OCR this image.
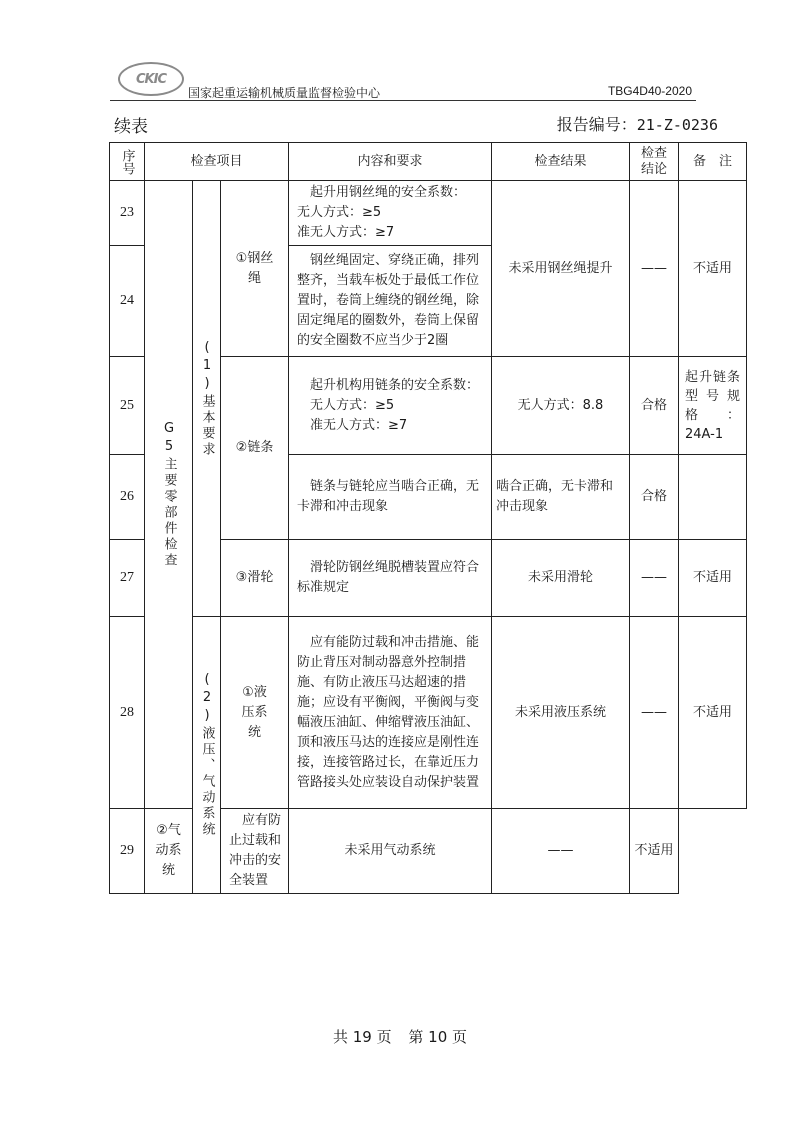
CKIC
国家起重运输机械质量监督检验中心	TBG4D40-2020
续表	报告编号：21-Z-0236
序号	检查项目			内容和要求	检查结果	检查结论	备　注
23	G5主要零部件检查	(1)基本要求	①钢丝绳	起升用钢丝绳的安全系数：
无人方式：≥5
准无人方式：≥7	未采用钢丝绳提升	——	不适用
24				钢丝绳固定、穿绕正确，排列整齐，当载车板处于最低工作位置时，卷筒上缠绕的钢丝绳，除固定绳尾的圈数外，卷筒上保留的安全圈数不应当少于2圈			

25			②链条	起升机构用链条的安全系数：
无人方式：≥5
准无人方式：≥7	无人方式：8.8	合格	起升链条型号规格：24A-1
26				链条与链轮应当啮合正确，无卡滞和冲击现象	啮合正确，无卡滞和冲击现象	合格	
27			③滑轮	滑轮防钢丝绳脱槽装置应符合标准规定	未采用滑轮	——	不适用
28		(2)液压、气动系统	①液压系统	应有能防过载和冲击措施、能防止背压对制动器意外控制措施、有防止液压马达超速的措施；应设有平衡阀，平衡阀与变幅液压油缸、伸缩臂液压油缸、顶和液压马达的连接应是刚性连接，连接管路过长，在靠近压力管路接头处应装设自动保护装置	未采用液压系统	——	不适用
29	②气动系统		应有防止过载和冲击的安全装置	未采用气动系统	——	不适用	
共 19 页 第 10 页
